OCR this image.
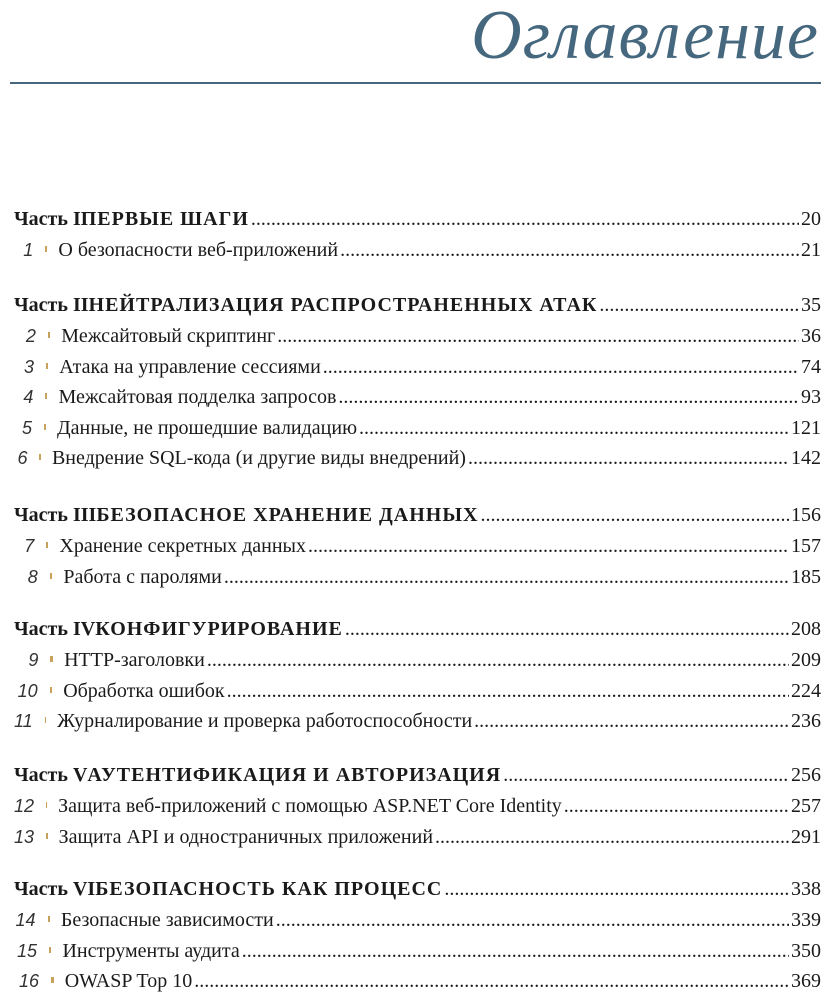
Оглавление
Часть I ПЕРВЫЕ ШАГИ .....	20
1 О безопасности веб-приложений .....	21
Часть II НЕЙТРАЛИЗАЦИЯ РАСПРОСТРАНЕННЫХ АТАК .....	35
2 Межсайтовый скриптинг .....	36
3 Атака на управление сессиями .....	74
4 Межсайтовая подделка запросов .....	93
5 Данные, не прошедшие валидацию .....	121
6 Внедрение SQL-кода (и другие виды внедрений) .....	142
Часть III БЕЗОПАСНОЕ ХРАНЕНИЕ ДАННЫХ .....	156
7 Хранение секретных данных .....	157
8 Работа с паролями .....	185
Часть IV КОНФИГУРИРОВАНИЕ .....	208
9 HTTP-заголовки .....	209
10 Обработка ошибок .....	224
11 Журналирование и проверка работоспособности .....	236
Часть V АУТЕНТИФИКАЦИЯ И АВТОРИЗАЦИЯ .....	256
12 Защита веб-приложений с помощью ASP.NET Core Identity .....	257
13 Защита API и одностраничных приложений .....	291
Часть VI БЕЗОПАСНОСТЬ КАК ПРОЦЕСС .....	338
14 Безопасные зависимости .....	339
15 Инструменты аудита .....	350
16 OWASP Top 10 .....	369
